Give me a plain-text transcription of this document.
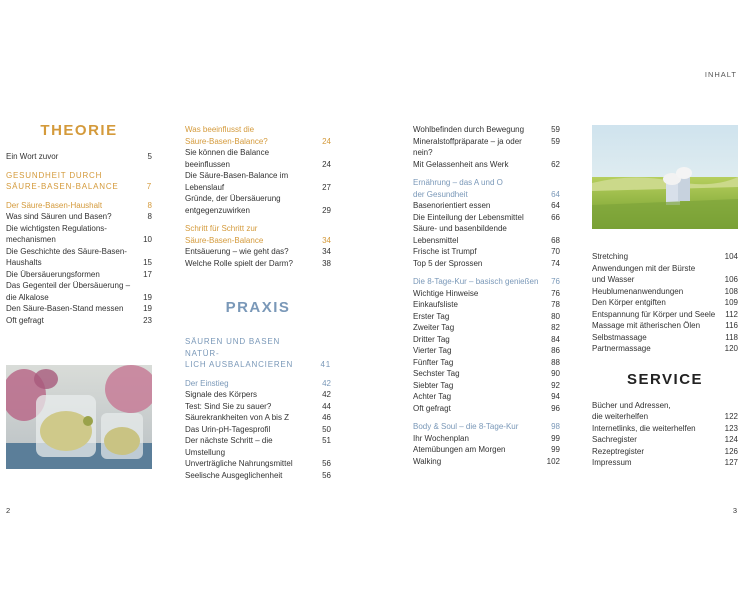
INHALT
THEORIE
Ein Wort zuvor	5
GESUNDHEIT DURCH
SÄURE-BASEN-BALANCE	7
Der Säure-Basen-Haushalt	8
Was sind Säuren und Basen?	8
Die wichtigsten Regulations-
mechanismen	10
Die Geschichte des Säure-Basen-
Haushalts	15
Die Übersäuerungsformen	17
Das Gegenteil der Übersäuerung –
die Alkalose	19
Den Säure-Basen-Stand messen	19
Oft gefragt	23
Was beeinflusst die
Säure-Basen-Balance?	24
Sie können die Balance
beeinflussen	24
Die Säure-Basen-Balance im
Lebenslauf	27
Gründe, der Übersäuerung
entgegenzuwirken	29
Schritt für Schritt zur
Säure-Basen-Balance	34
Entsäuerung – wie geht das?	34
Welche Rolle spielt der Darm?	38
PRAXIS
SÄUREN UND BASEN NATÜR-
LICH AUSBALANCIEREN	41
Der Einstieg	42
Signale des Körpers	42
Test: Sind Sie zu sauer?	44
Säurekrankheiten von A bis Z	46
Das Urin-pH-Tagesprofil	50
Der nächste Schritt – die Umstellung
51
Unverträgliche Nahrungsmittel	56
Seelische Ausgeglichenheit	56
Wohlbefinden durch Bewegung	59
Mineralstoffpräparate – ja oder nein?
59
Mit Gelassenheit ans Werk	62
Ernährung – das A und O
der Gesundheit	64
Basenorientiert essen	64
Die Einteilung der Lebensmittel	66
Säure- und basenbildende
Lebensmittel	68
Frische ist Trumpf	70
Top 5 der Sprossen	74
Die 8-Tage-Kur – basisch genießen	76
Wichtige Hinweise	76
Einkaufsliste	78
Erster Tag	80
Zweiter Tag	82
Dritter Tag	84
Vierter Tag	86
Fünfter Tag	88
Sechster Tag	90
Siebter Tag	92
Achter Tag	94
Oft gefragt	96
Body & Soul – die 8-Tage-Kur	98
Ihr Wochenplan	99
Atemübungen am Morgen	99
Walking	102
Stretching	104
Anwendungen mit der Bürste
und Wasser	106
Heublumenanwendungen	108
Den Körper entgiften	109
Entspannung für Körper und Seele	112
Massage mit ätherischen Ölen	116
Selbstmassage	118
Partnermassage	120
SERVICE
Bücher und Adressen,
die weiterhelfen	122
Internetlinks, die weiterhelfen	123
Sachregister	124
Rezeptregister	126
Impressum	127
2	3
